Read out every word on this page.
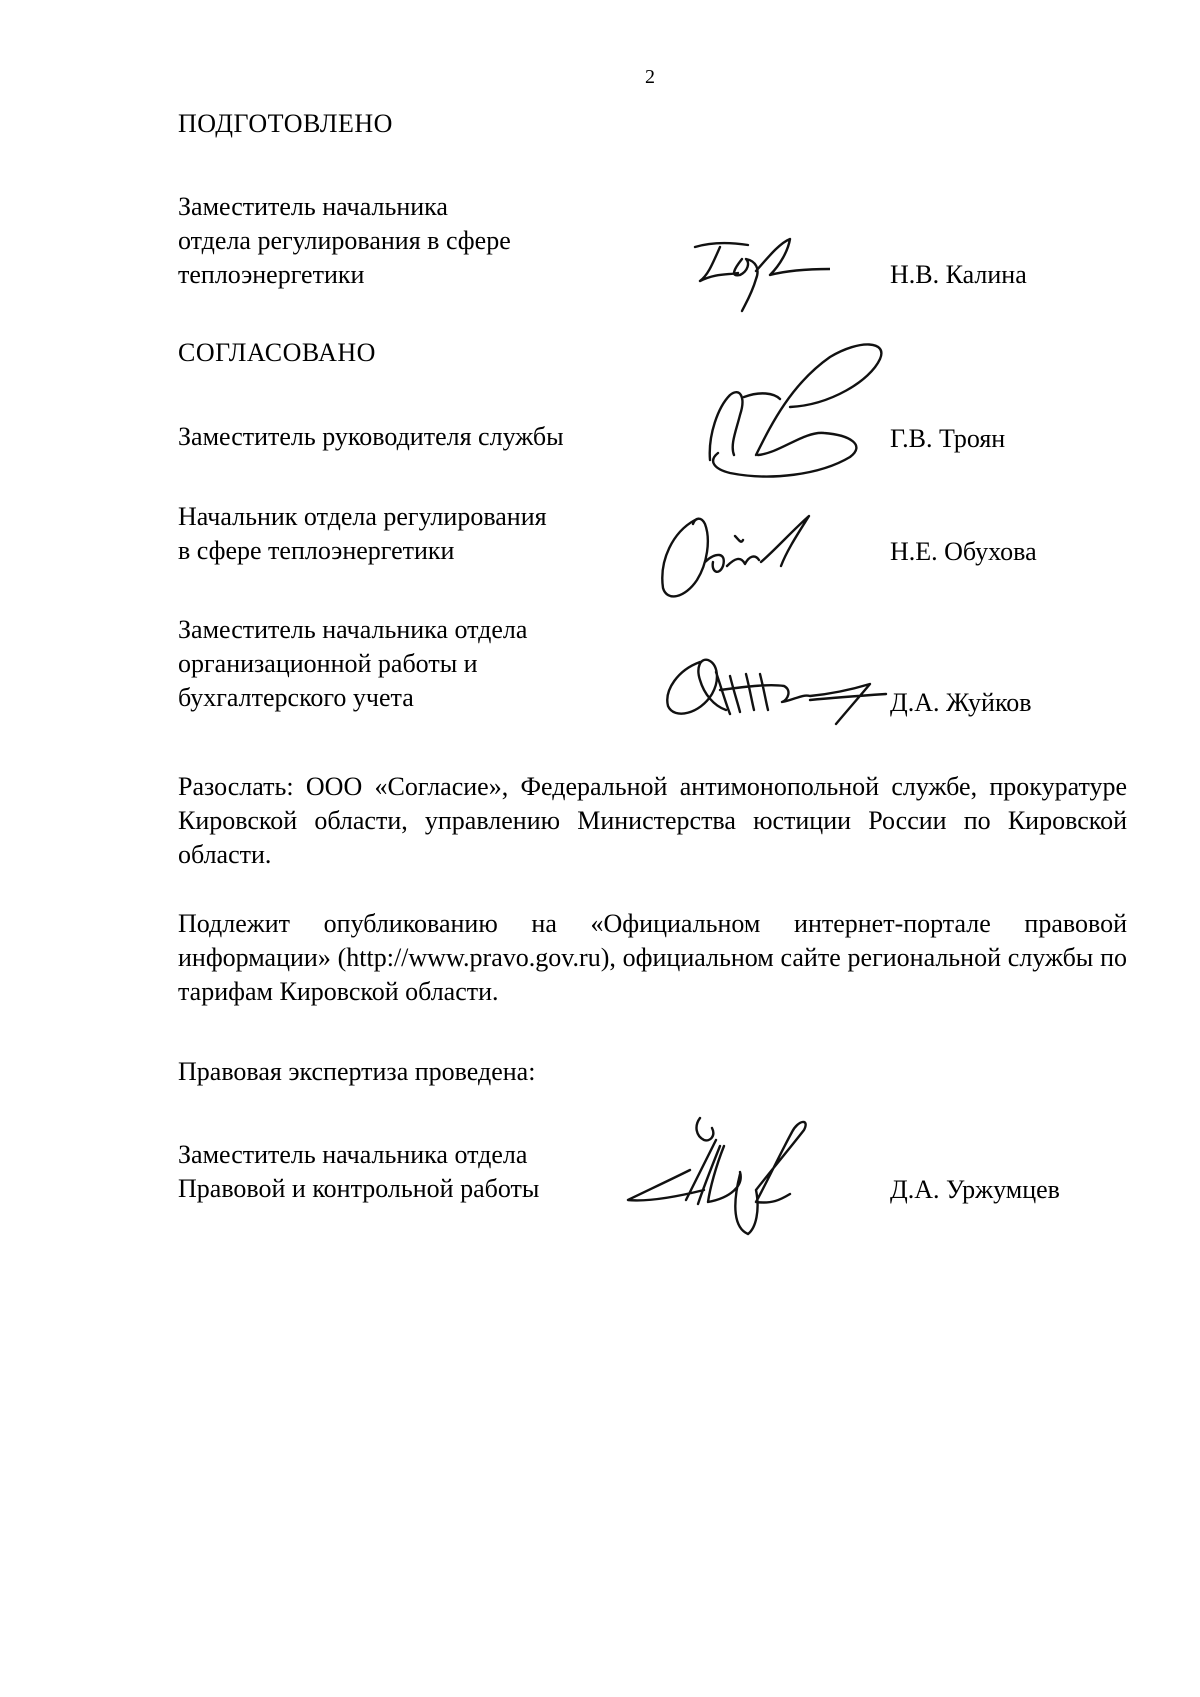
2
ПОДГОТОВЛЕНО
Заместитель начальника
отдела регулирования в сфере
теплоэнергетики	Н.В. Калина
СОГЛАСОВАНО
Заместитель руководителя службы	Г.В. Троян
Начальник отдела регулирования
в сфере теплоэнергетики	Н.Е. Обухова
Заместитель начальника отдела
организационной работы и
бухгалтерского учета	Д.А. Жуйков
Разослать: ООО «Согласие», Федеральной антимонопольной службе, прокуратуре Кировской области, управлению Министерства юстиции России по Кировской области.
Подлежит опубликованию на «Официальном интернет-портале правовой информации» (http://www.pravo.gov.ru), официальном сайте региональной службы по тарифам Кировской области.
Правовая экспертиза проведена:
Заместитель начальника отдела
Правовой и контрольной работы	Д.А. Уржумцев
